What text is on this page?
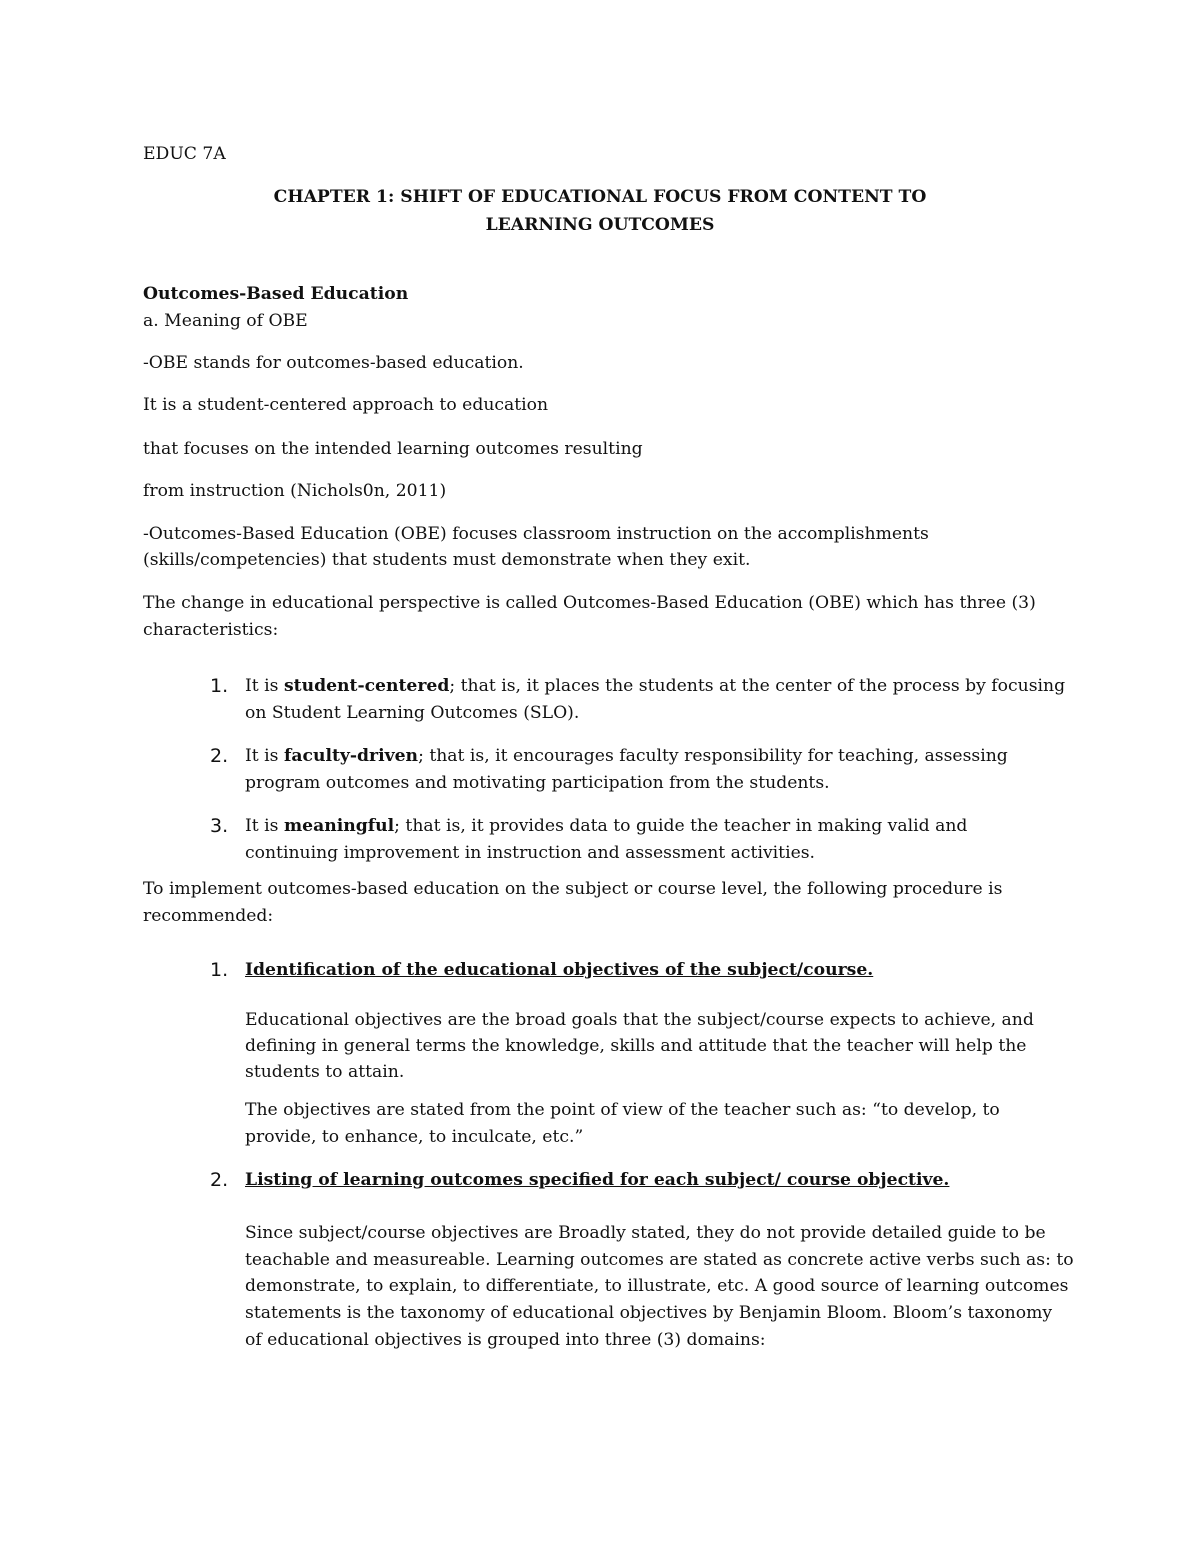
EDUC 7A
CHAPTER 1: SHIFT OF EDUCATIONAL FOCUS FROM CONTENT TO
LEARNING OUTCOMES
Outcomes-Based Education
a. Meaning of OBE
-OBE stands for outcomes-based education.
It is a student-centered approach to education
that focuses on the intended learning outcomes resulting
from instruction (Nichols0n, 2011)
-Outcomes-Based Education (OBE) focuses classroom instruction on the accomplishments
(skills/competencies) that students must demonstrate when they exit.
The change in educational perspective is called Outcomes-Based Education (OBE) which has three (3)
characteristics:
1. It is student-centered; that is, it places the students at the center of the process by focusing
on Student Learning Outcomes (SLO).
2. It is faculty-driven; that is, it encourages faculty responsibility for teaching, assessing
program outcomes and motivating participation from the students.
3. It is meaningful; that is, it provides data to guide the teacher in making valid and
continuing improvement in instruction and assessment activities.
To implement outcomes-based education on the subject or course level, the following procedure is
recommended:
1. Identification of the educational objectives of the subject/course.
Educational objectives are the broad goals that the subject/course expects to achieve, and
defining in general terms the knowledge, skills and attitude that the teacher will help the
students to attain.
The objectives are stated from the point of view of the teacher such as: “to develop, to
provide, to enhance, to inculcate, etc.”
2. Listing of learning outcomes specified for each subject/ course objective.
Since subject/course objectives are Broadly stated, they do not provide detailed guide to be
teachable and measureable. Learning outcomes are stated as concrete active verbs such as: to
demonstrate, to explain, to differentiate, to illustrate, etc. A good source of learning outcomes
statements is the taxonomy of educational objectives by Benjamin Bloom. Bloom’s taxonomy
of educational objectives is grouped into three (3) domains:
